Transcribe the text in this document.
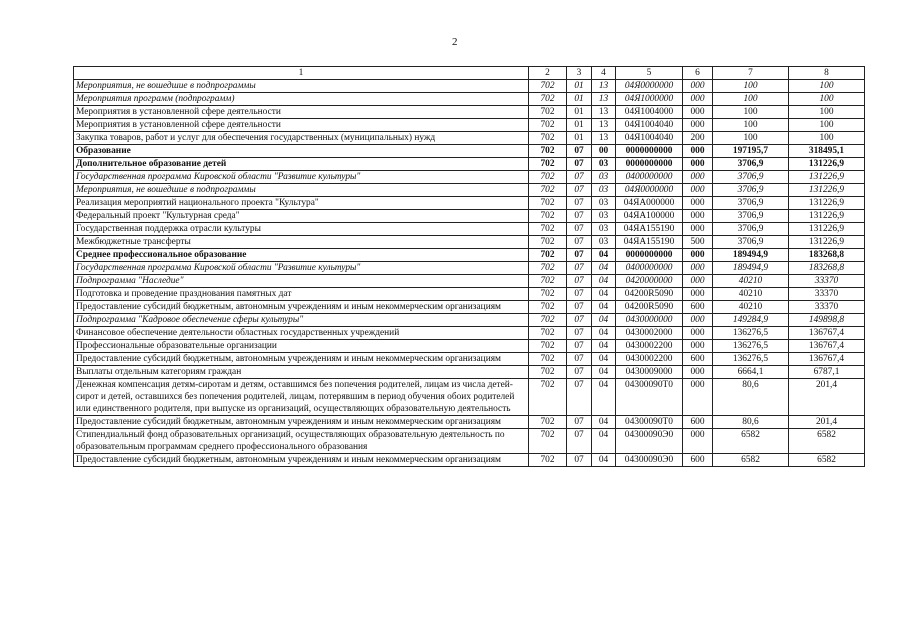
2
1	2	3	4	5	6	7	8
Мероприятия, не вошедшие в подпрограммы	702	01	13	04Я0000000	000	100	100
Мероприятия программ (подпрограмм)	702	01	13	04Я1000000	000	100	100
Мероприятия в установленной сфере деятельности	702	01	13	04Я1004000	000	100	100
Мероприятия в установленной сфере деятельности	702	01	13	04Я1004040	000	100	100
Закупка товаров, работ и услуг для обеспечения государственных (муниципальных) нужд	702	01	13	04Я1004040	200	100	100
Образование	702	07	00	0000000000	000	197195,7	318495,1
Дополнительное образование детей	702	07	03	0000000000	000	3706,9	131226,9
Государственная программа Кировской области "Развитие культуры"	702	07	03	0400000000	000	3706,9	131226,9
Мероприятия, не вошедшие в подпрограммы	702	07	03	04Я0000000	000	3706,9	131226,9
Реализация мероприятий национального проекта "Культура"	702	07	03	04ЯА000000	000	3706,9	131226,9
Федеральный проект "Культурная среда"	702	07	03	04ЯА100000	000	3706,9	131226,9
Государственная поддержка отрасли культуры	702	07	03	04ЯА155190	000	3706,9	131226,9
Межбюджетные трансферты	702	07	03	04ЯА155190	500	3706,9	131226,9
Среднее профессиональное образование	702	07	04	0000000000	000	189494,9	183268,8
Государственная программа Кировской области "Развитие культуры"	702	07	04	0400000000	000	189494,9	183268,8
Подпрограмма "Наследие"	702	07	04	0420000000	000	40210	33370
Подготовка и проведение празднования памятных дат	702	07	04	04200R5090	000	40210	33370
Предоставление субсидий бюджетным, автономным учреждениям и иным некоммерческим организациям	702	07	04	04200R5090	600	40210	33370
Подпрограмма "Кадровое обеспечение сферы культуры"	702	07	04	0430000000	000	149284,9	149898,8
Финансовое обеспечение деятельности областных государственных учреждений	702	07	04	0430002000	000	136276,5	136767,4
Профессиональные образовательные организации	702	07	04	0430002200	000	136276,5	136767,4
Предоставление субсидий бюджетным, автономным учреждениям и иным некоммерческим организациям	702	07	04	0430002200	600	136276,5	136767,4
Выплаты отдельным категориям граждан	702	07	04	0430009000	000	6664,1	6787,1
Денежная компенсация детям-сиротам и детям, оставшимся без попечения родителей, лицам из числа детей-сирот и детей, оставшихся без попечения родителей, лицам, потерявшим в период обучения обоих родителей или единственного родителя, при выпуске из организаций, осуществляющих образовательную деятельность	702	07	04	04300090Т0	000	80,6	201,4
Предоставление субсидий бюджетным, автономным учреждениям и иным некоммерческим организациям	702	07	04	04300090Т0	600	80,6	201,4
Стипендиальный фонд образовательных организаций, осуществляющих образовательную деятельность по образовательным программам среднего профессионального образования	702	07	04	04300090Э0	000	6582	6582
Предоставление субсидий бюджетным, автономным учреждениям и иным некоммерческим организациям	702	07	04	04300090Э0	600	6582	6582
